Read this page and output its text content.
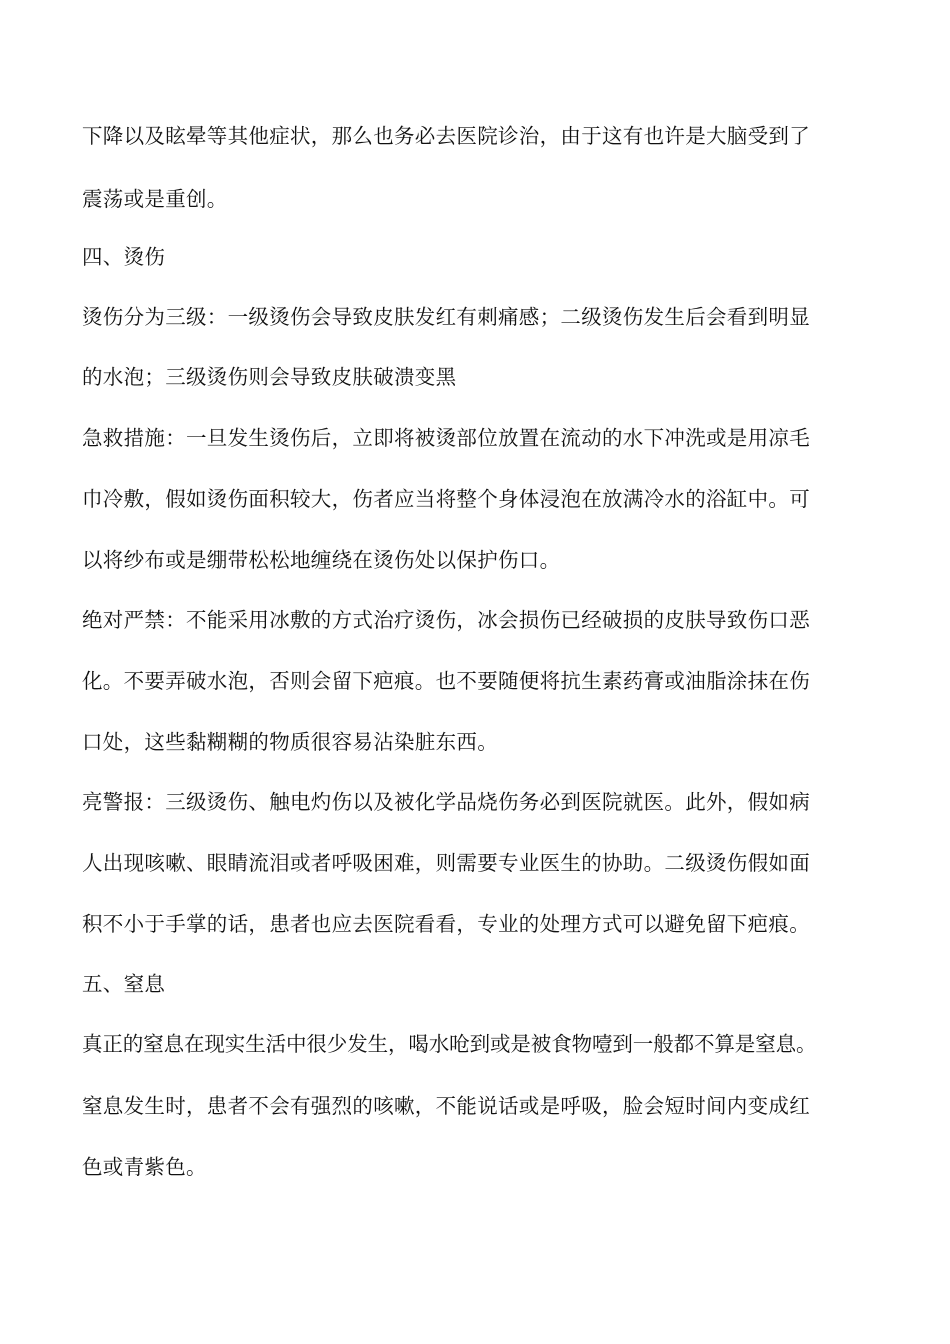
下降以及眩晕等其他症状，那么也务必去医院诊治，由于这有也许是大脑受到了
震荡或是重创。
四、烫伤
烫伤分为三级：一级烫伤会导致皮肤发红有刺痛感；二级烫伤发生后会看到明显
的水泡；三级烫伤则会导致皮肤破溃变黑
急救措施：一旦发生烫伤后，立即将被烫部位放置在流动的水下冲洗或是用凉毛
巾冷敷，假如烫伤面积较大，伤者应当将整个身体浸泡在放满冷水的浴缸中。可
以将纱布或是绷带松松地缠绕在烫伤处以保护伤口。
绝对严禁：不能采用冰敷的方式治疗烫伤，冰会损伤已经破损的皮肤导致伤口恶
化。不要弄破水泡，否则会留下疤痕。也不要随便将抗生素药膏或油脂涂抹在伤
口处，这些黏糊糊的物质很容易沾染脏东西。
亮警报：三级烫伤、触电灼伤以及被化学品烧伤务必到医院就医。此外，假如病
人出现咳嗽、眼睛流泪或者呼吸困难，则需要专业医生的协助。二级烫伤假如面
积不小于手掌的话，患者也应去医院看看，专业的处理方式可以避免留下疤痕。
五、窒息
真正的窒息在现实生活中很少发生，喝水呛到或是被食物噎到一般都不算是窒息。
窒息发生时，患者不会有强烈的咳嗽，不能说话或是呼吸，脸会短时间内变成红
色或青紫色。
